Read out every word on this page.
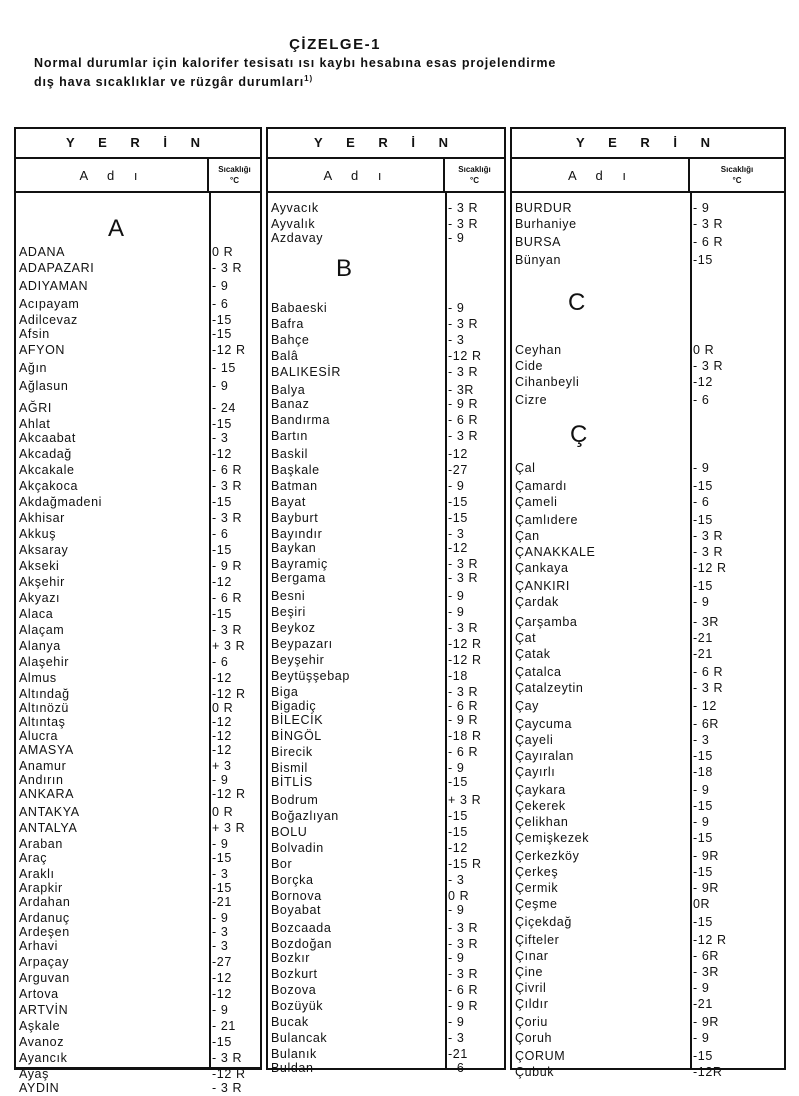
ÇİZELGE-1
Normal durumlar için kalorifer tesisatı ısı kaybı hesabına esas projelendirme
dış hava sıcaklıklar ve rüzgâr durumları$^{1)}$
Y E R İ N
A d ı	Sıcaklığı
°C
A
ADANA	0 R
ADAPAZARI	- 3 R
ADIYAMAN	- 9
Acıpayam	- 6
Adilcevaz	-15
Afsin	-15
AFYON	-12 R
Ağın	- 15
Ağlasun	- 9
AĞRI	- 24
Ahlat	-15
Akcaabat	- 3
Akcadağ	-12
Akcakale	- 6 R
Akçakoca	- 3 R
Akdağmadeni	-15
Akhisar	- 3 R
Akkuş	- 6
Aksaray	-15
Akseki	- 9 R
Akşehir	-12
Akyazı	- 6 R
Alaca	-15
Alaçam	- 3 R
Alanya	+ 3 R
Alaşehir	- 6
Almus	-12
Altındağ	-12 R
Altınözü	0 R
Altıntaş	-12
Alucra	-12
AMASYA	-12
Anamur	+ 3
Andırın	- 9
ANKARA	-12 R
ANTAKYA	0 R
ANTALYA	+ 3 R
Araban	- 9
Araç	-15
Araklı	- 3
Arapkir	-15
Ardahan	-21
Ardanuç	- 9
Ardeşen	- 3
Arhavi	- 3
Arpaçay	-27
Arguvan	-12
Artova	-12
ARTVİN	- 9
Aşkale	- 21
Avanoz	-15
Ayancık	- 3 R
Ayaş	-12 R
AYDIN	- 3 R
Y E R İ N
A d ı	Sıcaklığı
°C
B
Ayvacık	- 3 R
Ayvalık	- 3 R
Azdavay	- 9
Babaeski	- 9
Bafra	- 3 R
Bahçe	- 3
Balâ	-12 R
BALIKESİR	- 3 R
Balya	- 3R
Banaz	- 9 R
Bandırma	- 6 R
Bartın	- 3 R
Baskil	-12
Başkale	-27
Batman	- 9
Bayat	-15
Bayburt	-15
Bayındır	- 3
Baykan	-12
Bayramiç	- 3 R
Bergama	- 3 R
Besni	- 9
Beşiri	- 9
Beykoz	- 3 R
Beypazarı	-12 R
Beyşehir	-12 R
Beytüşşebap	-18
Biga	- 3 R
Bigadiç	- 6 R
BİLECİK	- 9 R
BİNGÖL	-18 R
Birecik	- 6 R
Bismil	- 9
BİTLİS	-15
Bodrum	+ 3 R
Boğazlıyan	-15
BOLU	-15
Bolvadin	-12
Bor	-15 R
Borçka	- 3
Bornova	0 R
Boyabat	- 9
Bozcaada	- 3 R
Bozdoğan	- 3 R
Bozkır	- 9
Bozkurt	- 3 R
Bozova	- 6 R
Bozüyük	- 9 R
Bucak	- 9
Bulancak	- 3
Bulanık	-21
Buldan	- 6
Y E R İ N
A d ı	Sıcaklığı
°C
C
Ç
BURDUR	- 9
Burhaniye	- 3 R
BURSA	- 6 R
Bünyan	-15
Ceyhan	0 R
Cide	- 3 R
Cihanbeyli	-12
Cizre	- 6
Çal	- 9
Çamardı	-15
Çameli	- 6
Çamlıdere	-15
Çan	- 3 R
ÇANAKKALE	- 3 R
Çankaya	-12 R
ÇANKIRI	-15
Çardak	- 9
Çarşamba	- 3R
Çat	-21
Çatak	-21
Çatalca	- 6 R
Çatalzeytin	- 3 R
Çay	- 12
Çaycuma	- 6R
Çayeli	- 3
Çayıralan	-15
Çayırlı	-18
Çaykara	- 9
Çekerek	-15
Çelikhan	- 9
Çemişkezek	-15
Çerkezköy	- 9R
Çerkeş	-15
Çermik	- 9R
Çeşme	0R
Çiçekdağ	-15
Çifteler	-12 R
Çınar	- 6R
Çine	- 3R
Çivril	- 9
Çıldır	-21
Çoriu	- 9R
Çoruh	- 9
ÇORUM	-15
Çubuk	-12R
